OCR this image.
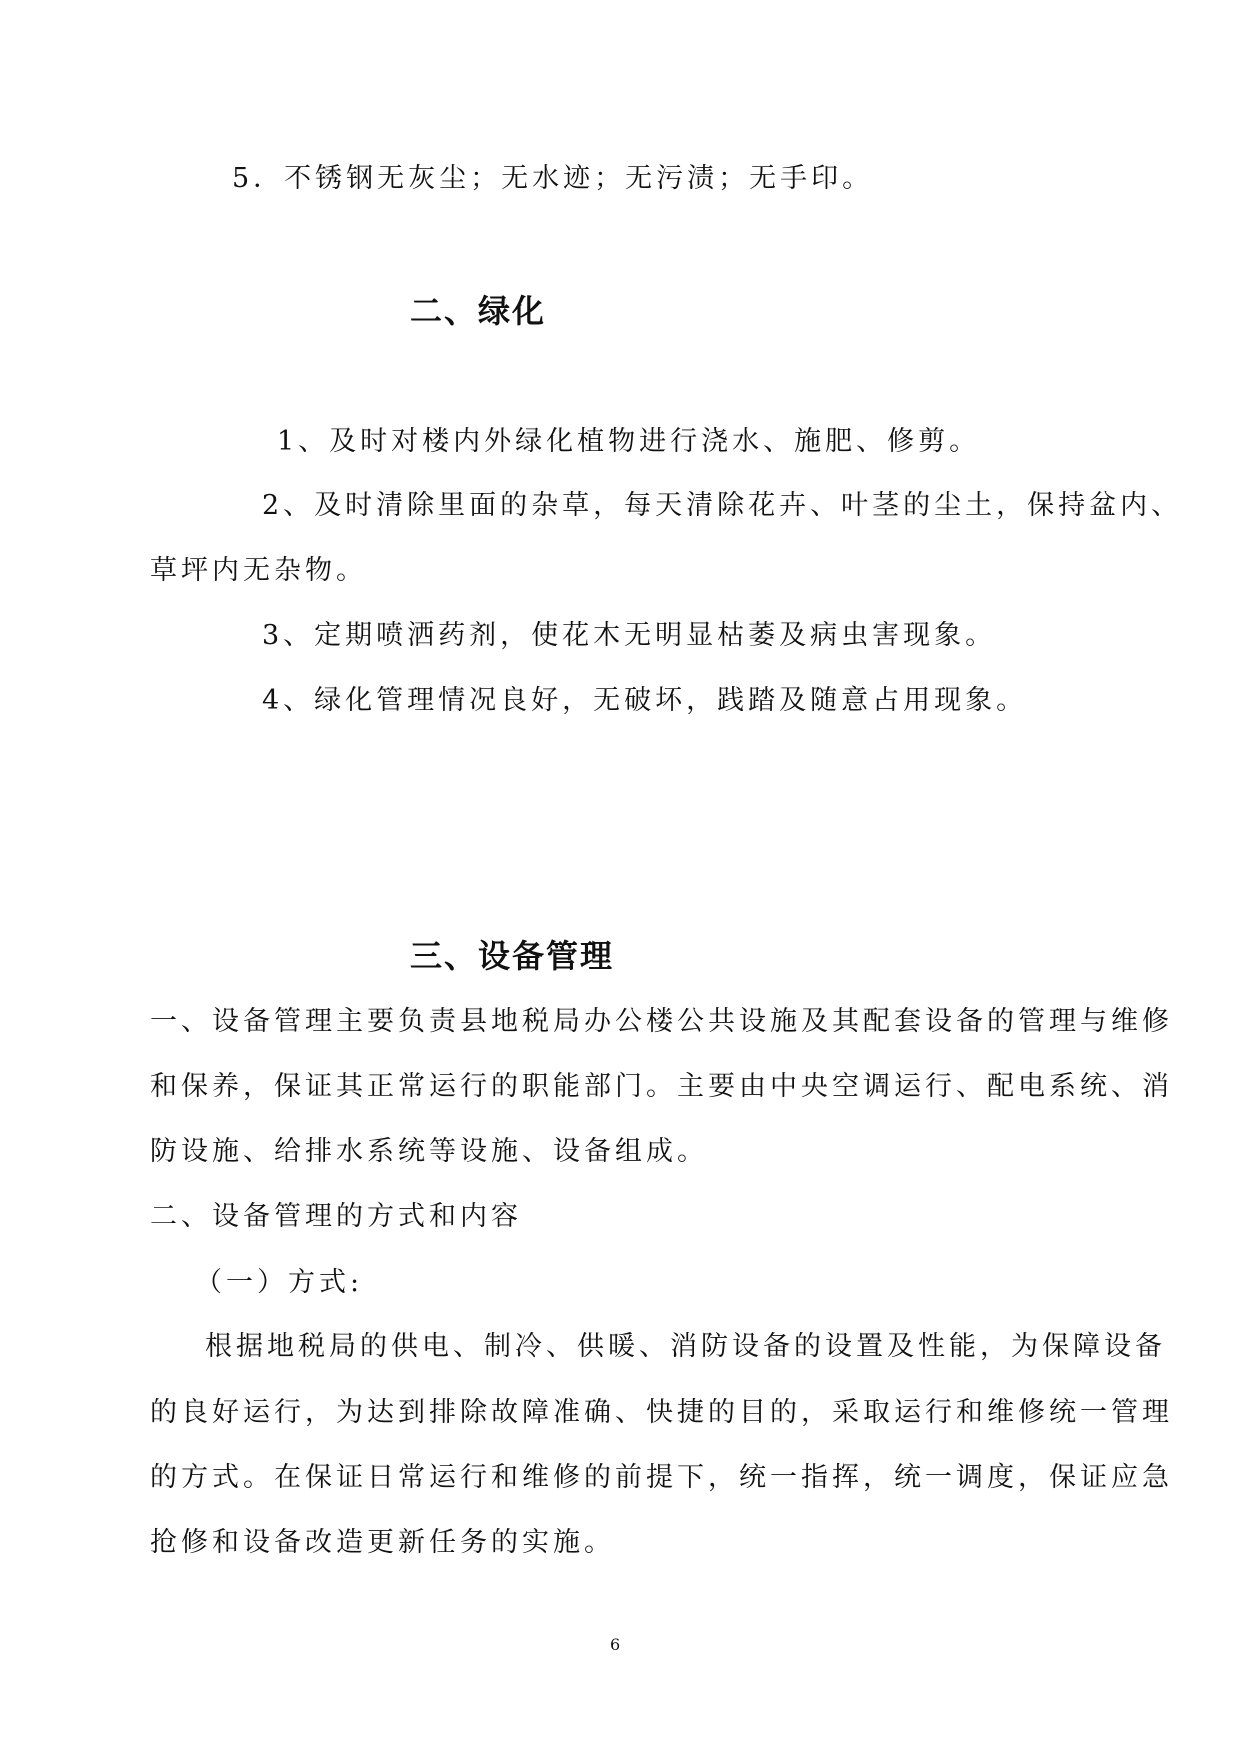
5．不锈钢无灰尘；无水迹；无污渍；无手印。
二、绿化
1、及时对楼内外绿化植物进行浇水、施肥、修剪。
2、及时清除里面的杂草，每天清除花卉、叶茎的尘土，保持盆内、
草坪内无杂物。
3、定期喷洒药剂，使花木无明显枯萎及病虫害现象。
4、绿化管理情况良好，无破坏，践踏及随意占用现象。
三、设备管理
一、设备管理主要负责县地税局办公楼公共设施及其配套设备的管理与维修
和保养，保证其正常运行的职能部门。主要由中央空调运行、配电系统、消
防设施、给排水系统等设施、设备组成。
二、设备管理的方式和内容
（一）方式:
根据地税局的供电、制冷、供暖、消防设备的设置及性能，为保障设备
的良好运行，为达到排除故障准确、快捷的目的，采取运行和维修统一管理
的方式。在保证日常运行和维修的前提下，统一指挥，统一调度，保证应急
抢修和设备改造更新任务的实施。
6
